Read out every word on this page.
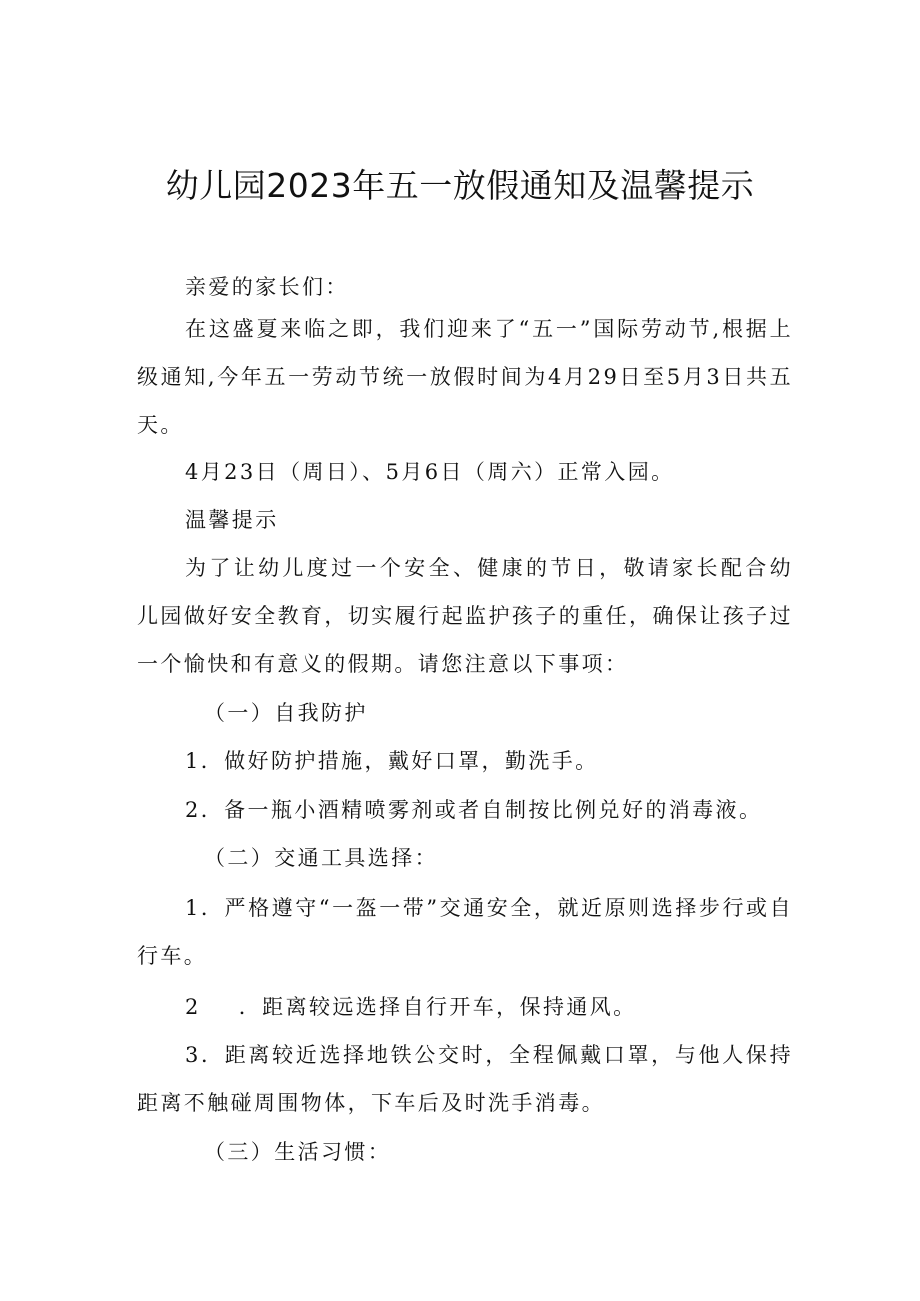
幼儿园2023年五一放假通知及温馨提示

亲爱的家长们：

在这盛夏来临之即，我们迎来了“五一”国际劳动节,根据上级通知,今年五一劳动节统一放假时间为4月29日至5月3日共五天。

4月23日（周日）、5月6日（周六）正常入园。

温馨提示

为了让幼儿度过一个安全、健康的节日，敬请家长配合幼儿园做好安全教育，切实履行起监护孩子的重任，确保让孩子过一个愉快和有意义的假期。请您注意以下事项：

（一）自我防护

1．做好防护措施，戴好口罩，勤洗手。

2．备一瓶小酒精喷雾剂或者自制按比例兑好的消毒液。

（二）交通工具选择：

1．严格遵守“一盔一带”交通安全，就近原则选择步行或自行车。

2 ．距离较远选择自行开车，保持通风。

3．距离较近选择地铁公交时，全程佩戴口罩，与他人保持距离不触碰周围物体，下车后及时洗手消毒。

（三）生活习惯：
